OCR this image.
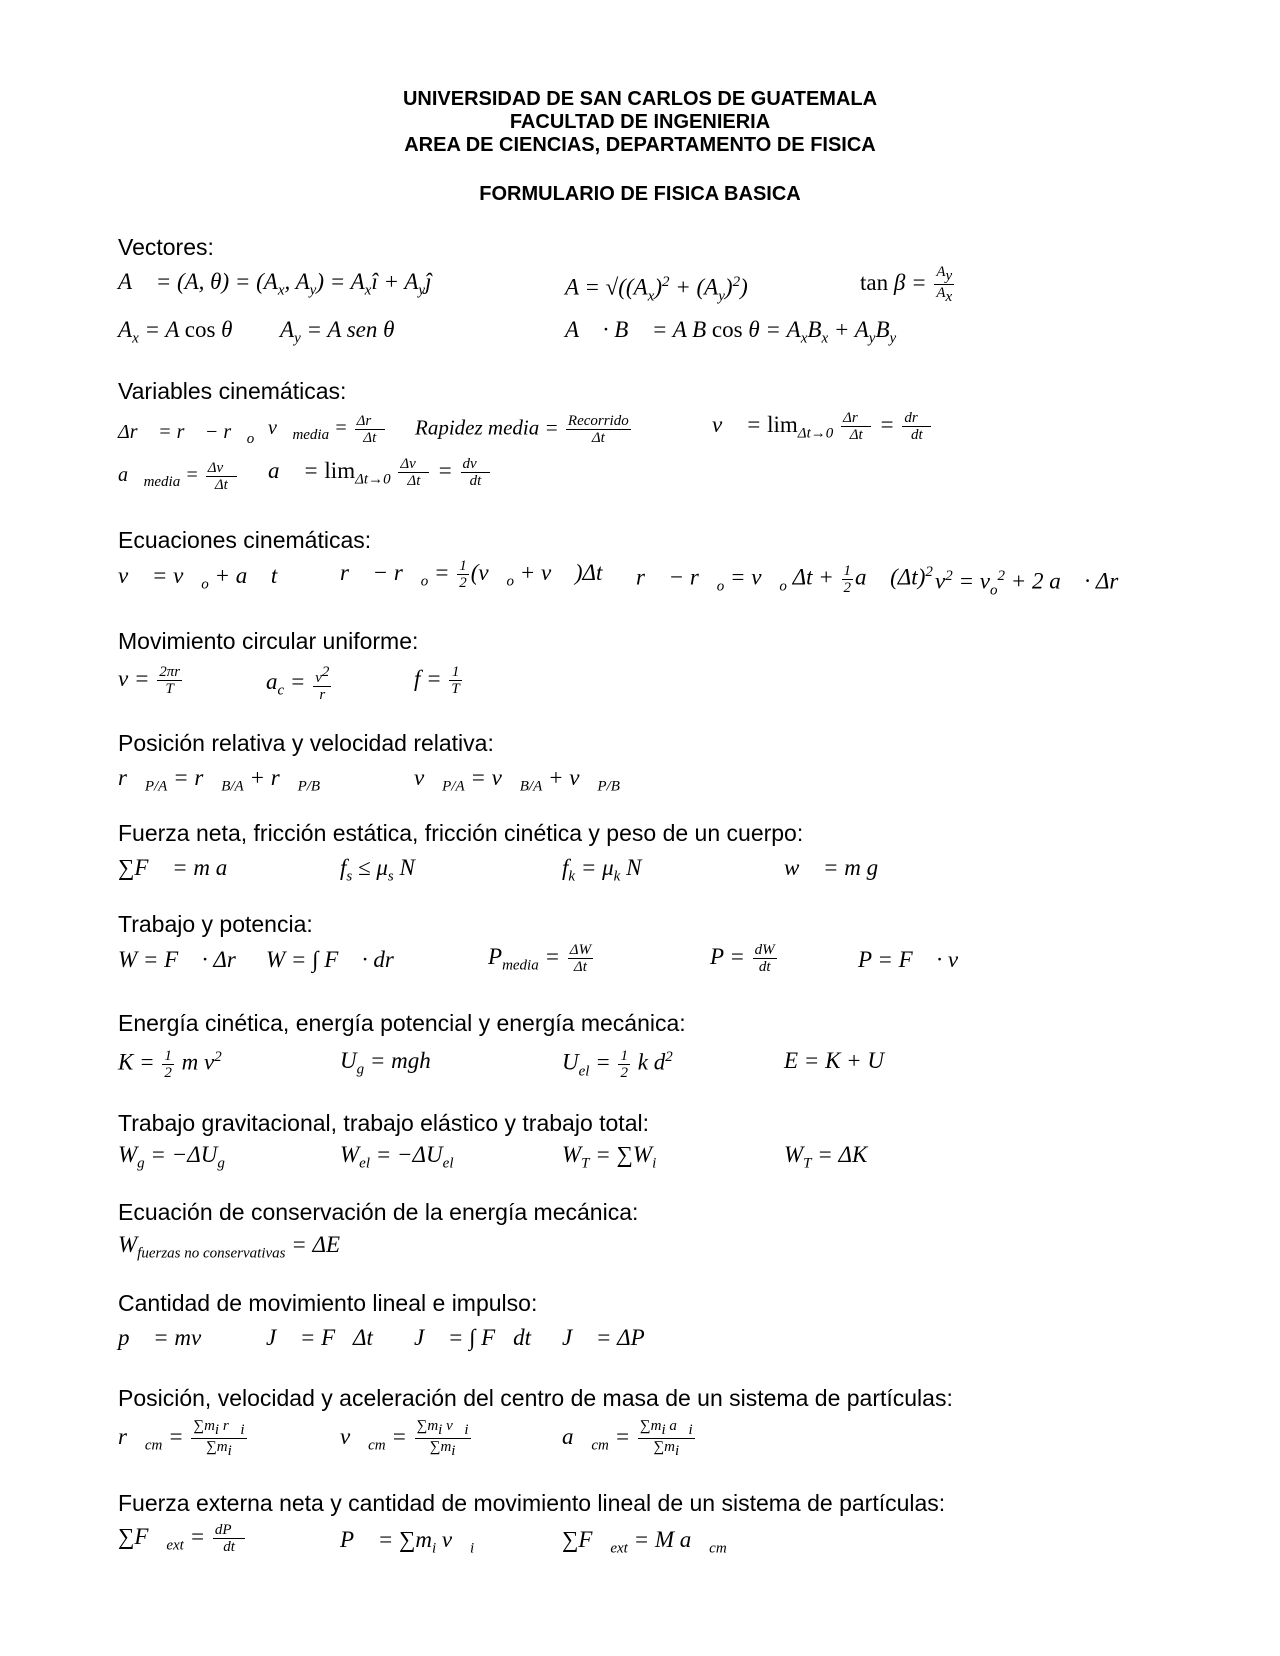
UNIVERSIDAD DE SAN CARLOS DE GUATEMALA
FACULTAD DE INGENIERIA
AREA DE CIENCIAS, DEPARTAMENTO DE FISICA
FORMULARIO DE FISICA BASICA
Vectores:
A⃗ = (A, $\theta) = (A_x$, $A_y$) = $A_xî$ + $A_yĵ$	$A = √((A_x)^2 + (A_y)^2)$	$\tan \beta = \frac{A_y}{A_x}$
$A_x = A$ cos θ $A_y = A$ sen θ	A⃗ · B⃗ = A B $\cos \theta = A_xB_x + A_yB_y$
Variables cinemáticas:
Δr⃗ = r⃗ − $r⃗_o$ $v⃗_{media} = \frac{\Delta r⃗}{\Delta t}$ Rapidez media = $\frac{\text{Recorrido}}{\Delta t}$	v⃗ = $\lim_{\Delta t\to 0} \frac{\Delta r⃗}{\Delta t} = \frac{dr⃗}{dt}$
$a⃗_{media} = \frac{\Delta v⃗}{\Delta t}$ a⃗ = $\lim_{\Delta t\to 0} \frac{\Delta v⃗}{\Delta t} = \frac{dv⃗}{dt}$
Ecuaciones cinemáticas:
v⃗ = $v⃗_o$ + a⃗ t	r⃗ − $r⃗_o = \frac{1}{2}$ ($v⃗_o$ + v⃗ )Δt r⃗ − $r⃗_o$ = $v⃗_o$ $\Delta t + \frac{1}{2}$ a⃗ $(\Delta t)^2$ $v^2 = v_o^2 + 2$ a⃗ · Δr⃗
Movimiento circular uniforme:
$v = \frac{2\pi r}{T}$	$a_c = \frac{v^2}{r}$	$f = \frac{1}{T}$
Posición relativa y velocidad relativa:
$r⃗_{P/A}$ = $r⃗_{B/A}$ + $r⃗_{P/B}$	$v⃗_{P/A}$ = $v⃗_{B/A}$ + $v⃗_{P/B}$
Fuerza neta, fricción estática, fricción cinética y peso de un cuerpo:
∑F⃗ = m a⃗	$f_s \le \mu_s$ N	$f_k = \mu_k$ N	w⃗ = m g⃗
Trabajo y potencia:
W = F⃗ · Δr⃗ W = ∫ F⃗ · dr⃗	$P_{media} = \frac{\Delta W}{\Delta t}$	$P = \frac{dW}{dt}$	P = F⃗ · v⃗
Energía cinética, energía potencial y energía mecánica:
$K = \frac{1}{2}$ m $v^2$	$U_g$ = mgh	$U_{el} = \frac{1}{2}$ k $d^2$	E = K + U
Trabajo gravitacional, trabajo elástico y trabajo total:
$W_g = -\Delta U_g$	$W_{el} = -\Delta U_{el}$	$W_T = \sum W_i$	$W_T = \Delta K$
Ecuación de conservación de la energía mecánica:
$W_{fuerzas no conservativas} = \Delta E$
Cantidad de movimiento lineal e impulso:
p⃗ = mv⃗ J⃗ = F⃗Δt J⃗ = ∫ F⃗dt J⃗ = ΔP⃗
Posición, velocidad y aceleración del centro de masa de un sistema de partículas:
$r⃗_{cm} = \frac{\sum m_i r⃗_i}{\sum m_i}$	$v⃗_{cm} = \frac{\sum m_i v⃗_i}{\sum m_i}$	$a⃗_{cm} = \frac{\sum m_i a⃗_i}{\sum m_i}$
Fuerza externa neta y cantidad de movimiento lineal de un sistema de partículas:
$\sum F⃗_{ext} = \frac{dP⃗}{dt}$	P⃗ = $\sum m_i$ $v⃗_i$	$\sum F⃗_{ext} = M$ $a⃗_{cm}$
